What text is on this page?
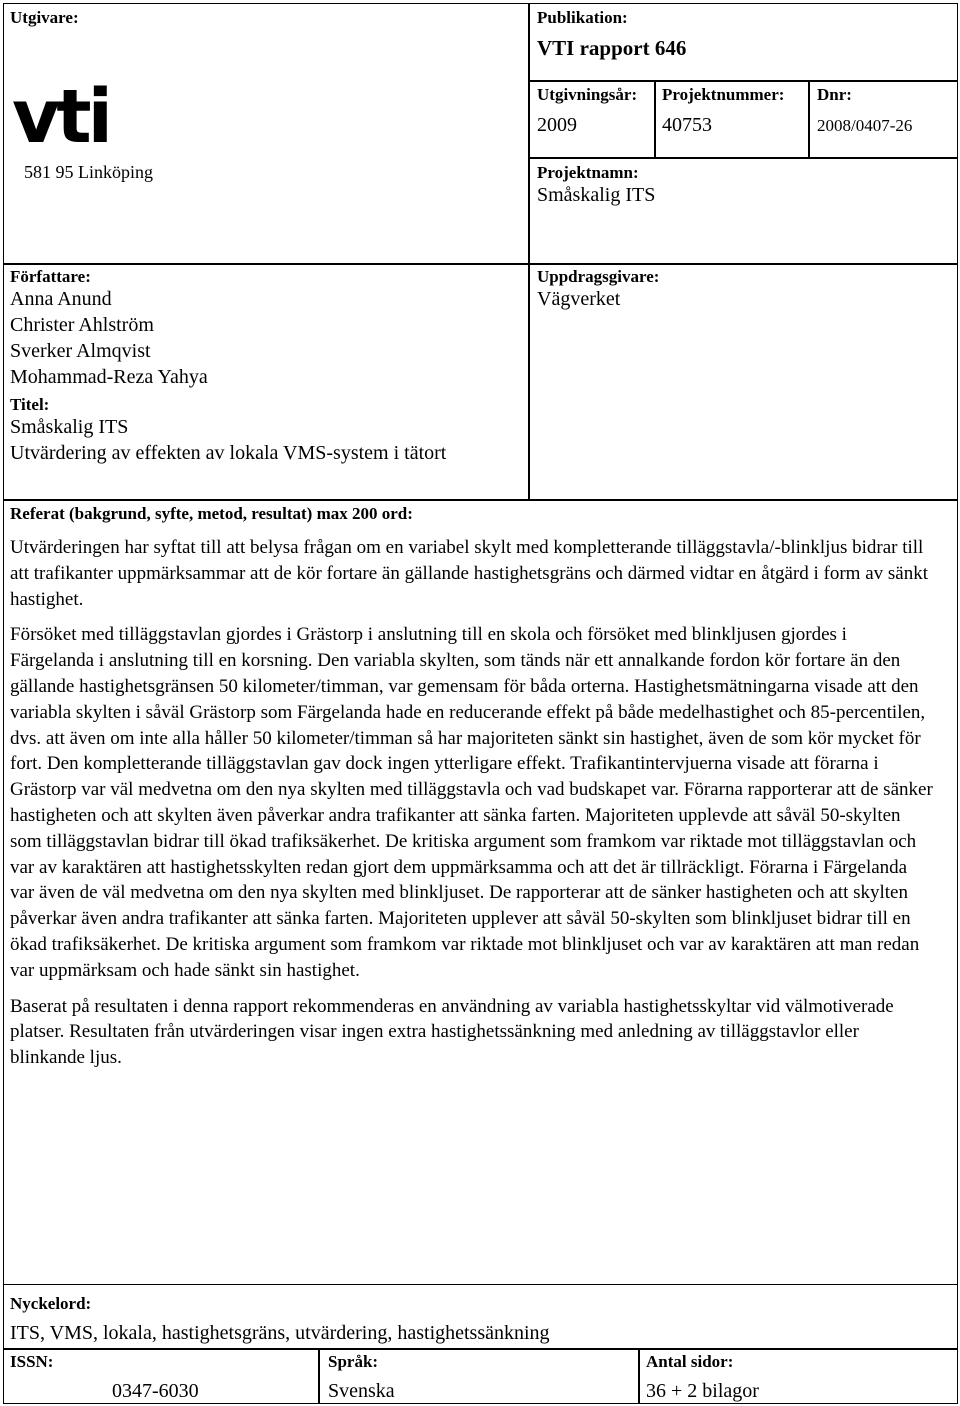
Utgivare:
vti
581 95 Linköping
Publikation:
VTI rapport 646
Utgivningsår:
2009
Projektnummer:
40753
Dnr:
2008/0407-26
Projektnamn:
Småskalig ITS
Författare:
Anna Anund
Christer Ahlström
Sverker Almqvist
Mohammad-Reza Yahya
Titel:
Småskalig ITS
Utvärdering av effekten av lokala VMS-system i tätort
Uppdragsgivare:
Vägverket
Referat (bakgrund, syfte, metod, resultat) max 200 ord:

Utvärderingen har syftat till att belysa frågan om en variabel skylt med kompletterande tilläggstavla/-blinkljus bidrar till att trafikanter uppmärksammar att de kör fortare än gällande hastighetsgräns och därmed vidtar en åtgärd i form av sänkt hastighet.

Försöket med tilläggstavlan gjordes i Grästorp i anslutning till en skola och försöket med blinkljusen gjordes i Färgelanda i anslutning till en korsning. Den variabla skylten, som tänds när ett annalkande fordon kör fortare än den gällande hastighetsgränsen 50 kilometer/timman, var gemensam för båda orterna. Hastighetsmätningarna visade att den variabla skylten i såväl Grästorp som Färgelanda hade en reducerande effekt på både medelhastighet och 85-percentilen, dvs. att även om inte alla håller 50 kilometer/timman så har majoriteten sänkt sin hastighet, även de som kör mycket för fort. Den kompletterande tilläggstavlan gav dock ingen ytterligare effekt. Trafikantintervjuerna visade att förarna i Grästorp var väl medvetna om den nya skylten med tilläggstavla och vad budskapet var. Förarna rapporterar att de sänker hastigheten och att skylten även påverkar andra trafikanter att sänka farten. Majoriteten upplevde att såväl 50-skylten som tilläggstavlan bidrar till ökad trafiksäkerhet. De kritiska argument som framkom var riktade mot tilläggstavlan och var av karaktären att hastighetsskylten redan gjort dem uppmärksamma och att det är tillräckligt. Förarna i Färgelanda var även de väl medvetna om den nya skylten med blinkljuset. De rapporterar att de sänker hastigheten och att skylten påverkar även andra trafikanter att sänka farten. Majoriteten upplever att såväl 50-skylten som blinkljuset bidrar till en ökad trafiksäkerhet. De kritiska argument som framkom var riktade mot blinkljuset och var av karaktären att man redan var uppmärksam och hade sänkt sin hastighet.

Baserat på resultaten i denna rapport rekommenderas en användning av variabla hastighetsskyltar vid välmotiverade platser. Resultaten från utvärderingen visar ingen extra hastighetssänkning med anledning av tilläggstavlor eller blinkande ljus.

Nyckelord:
ITS, VMS, lokala, hastighetsgräns, utvärdering, hastighetssänkning
ISSN:
0347-6030
Språk:
Svenska
Antal sidor:
36 + 2 bilagor
